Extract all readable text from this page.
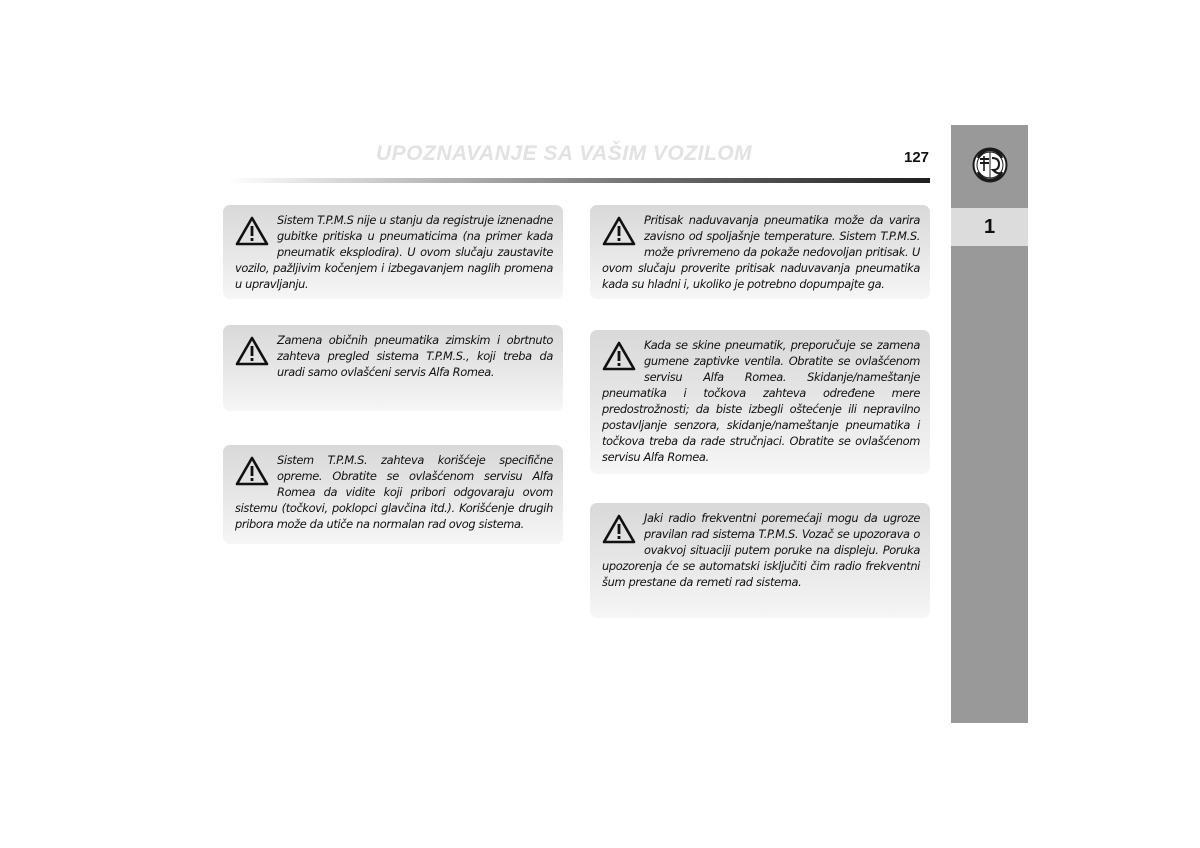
UPOZNAVANJE SA VAŠIM VOZILOM	127
1

Sistem T.P.M.S nije u stanju da registruje iznenadne gubitke pritiska u pneumaticima (na primer kada pneumatik eksplodira). U ovom slučaju zaustavite vozilo, pažljivim kočenjem i izbegavanjem naglih promena u upravljanju.

Zamena običnih pneumatika zimskim i obrtnuto zahteva pregled sistema T.P.M.S., koji treba da uradi samo ovlašćeni servis Alfa Romea.

Sistem T.P.M.S. zahteva korišćeje specifične opreme. Obratite se ovlašćenom servisu Alfa Romea da vidite koji pribori odgovaraju ovom sistemu (točkovi, poklopci glavčina itd.). Korišćenje drugih pribora može da utiče na normalan rad ovog sistema.

Pritisak naduvavanja pneumatika može da varira zavisno od spoljašnje temperature. Sistem T.P.M.S. može privremeno da pokaže nedovoljan pritisak. U ovom slučaju proverite pritisak naduvavanja pneumatika kada su hladni i, ukoliko je potrebno dopumpajte ga.

Kada se skine pneumatik, preporučuje se zamena gumene zaptivke ventila. Obratite se ovlašćenom servisu Alfa Romea. Skidanje/nameštanje pneumatika i točkova zahteva određene mere predostrožnosti; da biste izbegli oštećenje ili nepravilno postavljanje senzora, skidanje/nameštanje pneumatika i točkova treba da rade stručnjaci. Obratite se ovlašćenom servisu Alfa Romea.

Jaki radio frekventni poremećaji mogu da ugroze pravilan rad sistema T.P.M.S. Vozač se upozorava o ovakvoj situaciji putem poruke na displeju. Poruka upozorenja će se automatski isključiti čim radio frekventni šum prestane da remeti rad sistema.
